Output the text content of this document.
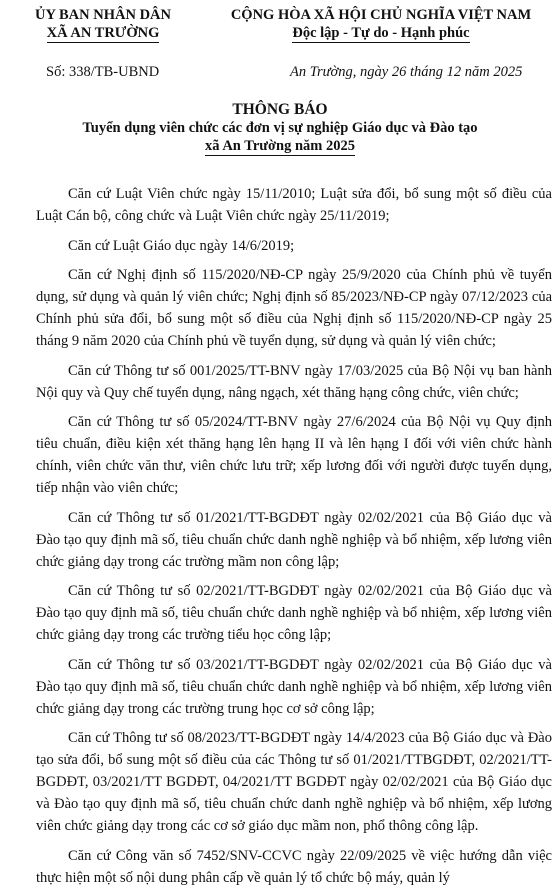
ỦY BAN NHÂN DÂN
XÃ AN TRƯỜNG
CỘNG HÒA XÃ HỘI CHỦ NGHĨA VIỆT NAM
Độc lập - Tự do - Hạnh phúc
Số: 338/TB-UBND	An Trường, ngày 26 tháng 12 năm 2025
THÔNG BÁO
Tuyển dụng viên chức các đơn vị sự nghiệp Giáo dục và Đào tạo
xã An Trường năm 2025

Căn cứ Luật Viên chức ngày 15/11/2010; Luật sửa đổi, bổ sung một số điều của Luật Cán bộ, công chức và Luật Viên chức ngày 25/11/2019;

Căn cứ Luật Giáo dục ngày 14/6/2019;

Căn cứ Nghị định số 115/2020/NĐ-CP ngày 25/9/2020 của Chính phủ về tuyển dụng, sử dụng và quản lý viên chức; Nghị định số 85/2023/NĐ-CP ngày 07/12/2023 của Chính phủ sửa đổi, bổ sung một số điều của Nghị định số 115/2020/NĐ-CP ngày 25 tháng 9 năm 2020 của Chính phủ về tuyển dụng, sử dụng và quản lý viên chức;

Căn cứ Thông tư số 001/2025/TT-BNV ngày 17/03/2025 của Bộ Nội vụ ban hành Nội quy và Quy chế tuyển dụng, nâng ngạch, xét thăng hạng công chức, viên chức;

Căn cứ Thông tư số 05/2024/TT-BNV ngày 27/6/2024 của Bộ Nội vụ Quy định tiêu chuẩn, điều kiện xét thăng hạng lên hạng II và lên hạng I đối với viên chức hành chính, viên chức văn thư, viên chức lưu trữ; xếp lương đối với người được tuyển dụng, tiếp nhận vào viên chức;

Căn cứ Thông tư số 01/2021/TT-BGDĐT ngày 02/02/2021 của Bộ Giáo dục và Đào tạo quy định mã số, tiêu chuẩn chức danh nghề nghiệp và bổ nhiệm, xếp lương viên chức giảng dạy trong các trường mầm non công lập;

Căn cứ Thông tư số 02/2021/TT-BGDĐT ngày 02/02/2021 của Bộ Giáo dục và Đào tạo quy định mã số, tiêu chuẩn chức danh nghề nghiệp và bổ nhiệm, xếp lương viên chức giảng dạy trong các trường tiểu học công lập;

Căn cứ Thông tư số 03/2021/TT-BGDĐT ngày 02/02/2021 của Bộ Giáo dục và Đào tạo quy định mã số, tiêu chuẩn chức danh nghề nghiệp và bổ nhiệm, xếp lương viên chức giảng dạy trong các trường trung học cơ sở công lập;

Căn cứ Thông tư số 08/2023/TT-BGDĐT ngày 14/4/2023 của Bộ Giáo dục và Đào tạo sửa đổi, bổ sung một số điều của các Thông tư số 01/2021/TTBGDĐT, 02/2021/TT- BGDĐT, 03/2021/TT BGDĐT, 04/2021/TT BGDĐT ngày 02/02/2021 của Bộ Giáo dục và Đào tạo quy định mã số, tiêu chuẩn chức danh nghề nghiệp và bổ nhiệm, xếp lương viên chức giảng dạy trong các cơ sở giáo dục mầm non, phổ thông công lập.

Căn cứ Công văn số 7452/SNV-CCVC ngày 22/09/2025 về việc hướng dẫn việc thực hiện một số nội dung phân cấp về quản lý tổ chức bộ máy, quản lý
